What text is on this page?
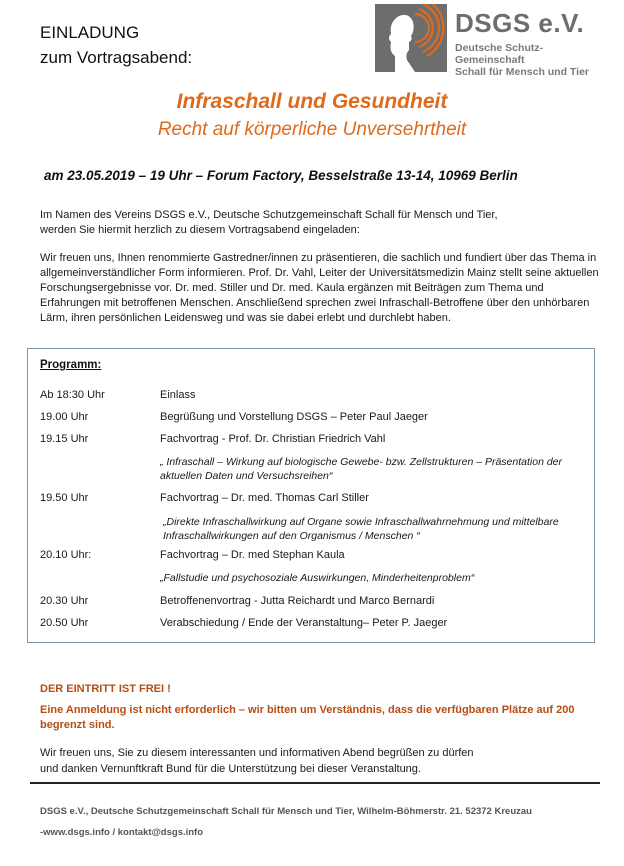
EINLADUNG
zum Vortragsabend:
DSGS e.V.
Deutsche Schutz-Gemeinschaft
Schall für Mensch und Tier
Infraschall und Gesundheit
Recht auf körperliche Unversehrtheit
am 23.05.2019 – 19 Uhr – Forum Factory, Besselstraße 13-14, 10969 Berlin
Im Namen des Vereins DSGS e.V., Deutsche Schutzgemeinschaft Schall für Mensch und Tier,
werden Sie hiermit herzlich zu diesem Vortragsabend eingeladen:
Wir freuen uns, Ihnen renommierte Gastredner/innen zu präsentieren, die sachlich und fundiert über das Thema in
allgemeinverständlicher Form informieren. Prof. Dr. Vahl, Leiter der Universitätsmedizin Mainz stellt seine aktuellen
Forschungsergebnisse vor. Dr. med. Stiller und Dr. med. Kaula ergänzen mit Beiträgen zum Thema und
Erfahrungen mit betroffenen Menschen. Anschließend sprechen zwei Infraschall-Betroffene über den unhörbaren
Lärm, ihren persönlichen Leidensweg und was sie dabei erlebt und durchlebt haben.
Programm:
Ab 18:30 Uhr	Einlass
19.00 Uhr	Begrüßung und Vorstellung DSGS – Peter Paul Jaeger
19.15 Uhr	Fachvortrag - Prof. Dr. Christian Friedrich Vahl
„ Infraschall – Wirkung auf biologische Gewebe- bzw. Zellstrukturen – Präsentation der
aktuellen Daten und Versuchsreihen“
19.50 Uhr	Fachvortrag – Dr. med. Thomas Carl Stiller
„Direkte Infraschallwirkung auf Organe sowie Infraschallwahrnehmung und mittelbare
Infraschallwirkungen auf den Organismus / Menschen “
20.10 Uhr:	Fachvortrag – Dr. med Stephan Kaula
„Fallstudie und psychosoziale Auswirkungen, Minderheitenproblem“
20.30 Uhr	Betroffenenvortrag - Jutta Reichardt und Marco Bernardi
20.50 Uhr	Verabschiedung / Ende der Veranstaltung– Peter P. Jaeger
DER EINTRITT IST FREI !
Eine Anmeldung ist nicht erforderlich – wir bitten um Verständnis, dass die verfügbaren Plätze auf 200
begrenzt sind.
Wir freuen uns, Sie zu diesem interessanten und informativen Abend begrüßen zu dürfen
und danken Vernunftkraft Bund für die Unterstützung bei dieser Veranstaltung.
DSGS e.V., Deutsche Schutzgemeinschaft Schall für Mensch und Tier, Wilhelm-Böhmerstr. 21. 52372 Kreuzau
-www.dsgs.info / kontakt@dsgs.info
